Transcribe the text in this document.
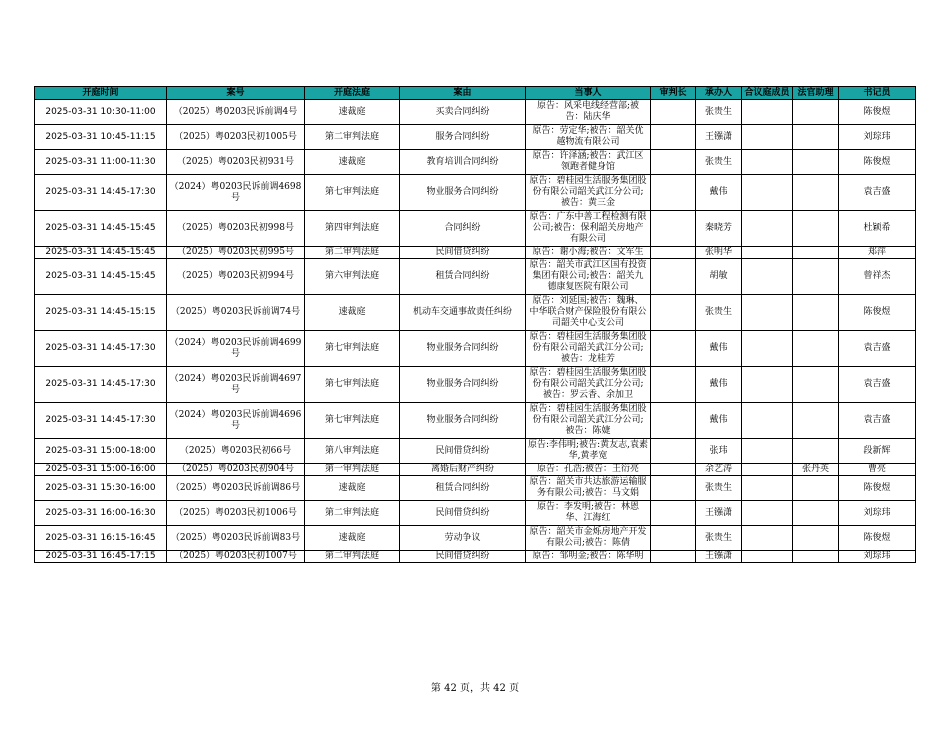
开庭时间	案号	开庭法庭	案由	当事人	审判长	承办人	合议庭成员	法官助理	书记员
2025-03-31 10:30-11:00	（2025）粤0203民诉前调4号	速裁庭	买卖合同纠纷	原告：风采电线经营部;被告：陆庆华		张贵生			陈俊煜
2025-03-31 10:45-11:15	（2025）粤0203民初1005号	第二审判法庭	服务合同纠纷	原告：劳定华;被告：韶关优越物流有限公司		王镪潇			刘琮玮
2025-03-31 11:00-11:30	（2025）粤0203民初931号	速裁庭	教育培训合同纠纷	原告：许泽涵;被告：武江区领跑者健身馆		张贵生			陈俊煜
2025-03-31 14:45-17:30	（2024）粤0203民诉前调4698号	第七审判法庭	物业服务合同纠纷	原告：碧桂园生活服务集团股份有限公司韶关武江分公司;被告：黄三金		戴伟			袁吉盛
2025-03-31 14:45-15:45	（2025）粤0203民初998号	第四审判法庭	合同纠纷	原告：广东中善工程检测有限公司;被告：保利韶关房地产有限公司		秦晓芳			杜颖希
2025-03-31 14:45-15:45	（2025）粤0203民初995号	第二审判法庭	民间借贷纠纷	原告：谢小海;被告：文军生		张明华			郑萍
2025-03-31 14:45-15:45	（2025）粤0203民初994号	第六审判法庭	租赁合同纠纷	原告：韶关市武江区国有投资集团有限公司;被告：韶关九德康复医院有限公司		胡敏			曾祥杰
2025-03-31 14:45-15:15	（2025）粤0203民诉前调74号	速裁庭	机动车交通事故责任纠纷	原告：刘延国;被告：魏琳、中华联合财产保险股份有限公司韶关中心支公司		张贵生			陈俊煜
2025-03-31 14:45-17:30	（2024）粤0203民诉前调4699号	第七审判法庭	物业服务合同纠纷	原告：碧桂园生活服务集团股份有限公司韶关武江分公司;被告：龙桂芳		戴伟			袁吉盛
2025-03-31 14:45-17:30	（2024）粤0203民诉前调4697号	第七审判法庭	物业服务合同纠纷	原告：碧桂园生活服务集团股份有限公司韶关武江分公司;被告：罗云香、余加卫		戴伟			袁吉盛
2025-03-31 14:45-17:30	（2024）粤0203民诉前调4696号	第七审判法庭	物业服务合同纠纷	原告：碧桂园生活服务集团股份有限公司韶关武江分公司;被告：陈婕		戴伟			袁吉盛
2025-03-31 15:00-18:00	（2025）粤0203民初66号	第八审判法庭	民间借贷纠纷	原告:李伟明;被告:黄友志,袁素华,黄孝宽		张玮			段新辉
2025-03-31 15:00-16:00	（2025）粤0203民初904号	第一审判法庭	离婚后财产纠纷	原告：孔浩;被告：王衍亮		余艺涛		张丹英	曹亮
2025-03-31 15:30-16:00	（2025）粤0203民诉前调86号	速裁庭	租赁合同纠纷	原告：韶关市共达旅游运输服务有限公司;被告：马文娟		张贵生			陈俊煜
2025-03-31 16:00-16:30	（2025）粤0203民初1006号	第二审判法庭	民间借贷纠纷	原告：李发明;被告：林恩华、江海红		王镪潇			刘琮玮
2025-03-31 16:15-16:45	（2025）粤0203民诉前调83号	速裁庭	劳动争议	原告：韶关市金烁房地产开发有限公司;被告：陈倩		张贵生			陈俊煜
2025-03-31 16:45-17:15	（2025）粤0203民初1007号	第二审判法庭	民间借贷纠纷	原告：邹明金;被告：陈华明		王镪潇			刘琮玮
第 42 页，共 42 页
